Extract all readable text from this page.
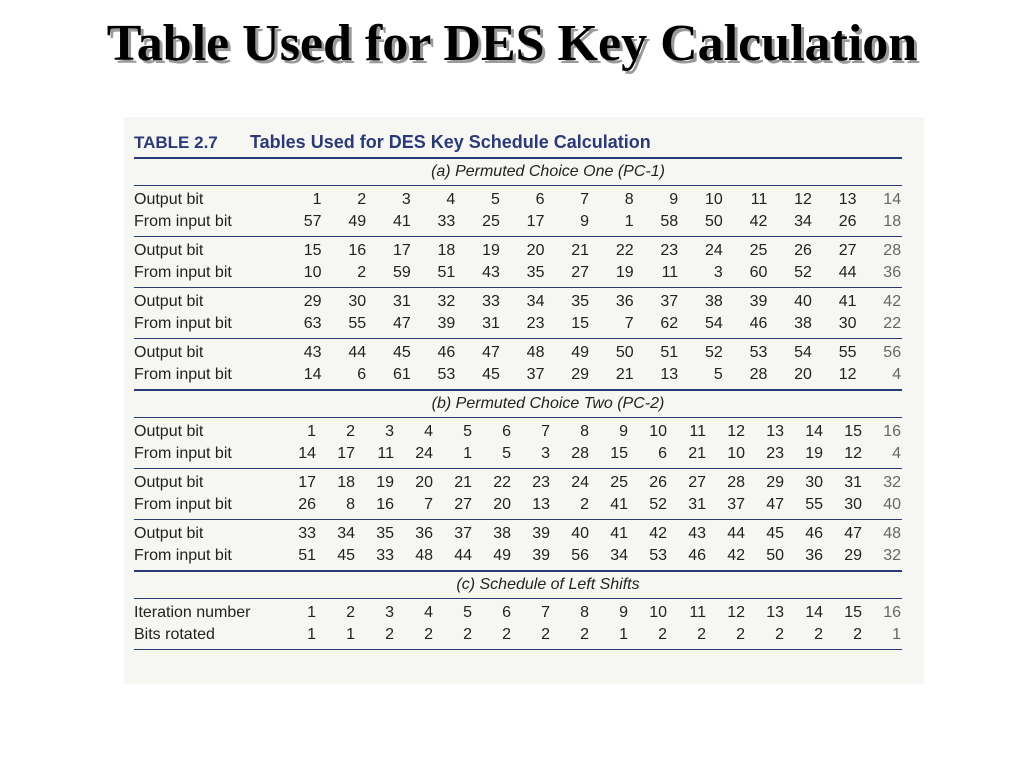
Table Used for DES Key Calculation
TABLE 2.7	Tables Used for DES Key Schedule Calculation
(a) Permuted Choice One (PC-1)
Output bit	1	2	3	4	5	6	7	8	9	10	11	12	13	14
From input bit	57	49	41	33	25	17	9	1	58	50	42	34	26	18
Output bit	15	16	17	18	19	20	21	22	23	24	25	26	27	28
From input bit	10	2	59	51	43	35	27	19	11	3	60	52	44	36
Output bit	29	30	31	32	33	34	35	36	37	38	39	40	41	42
From input bit	63	55	47	39	31	23	15	7	62	54	46	38	30	22
Output bit	43	44	45	46	47	48	49	50	51	52	53	54	55	56
From input bit	14	6	61	53	45	37	29	21	13	5	28	20	12	4
(b) Permuted Choice Two (PC-2)
Output bit	1	2	3	4	5	6	7	8	9	10	11	12	13	14	15	16
From input bit	14	17	11	24	1	5	3	28	15	6	21	10	23	19	12	4
Output bit	17	18	19	20	21	22	23	24	25	26	27	28	29	30	31	32
From input bit	26	8	16	7	27	20	13	2	41	52	31	37	47	55	30	40
Output bit	33	34	35	36	37	38	39	40	41	42	43	44	45	46	47	48
From input bit	51	45	33	48	44	49	39	56	34	53	46	42	50	36	29	32
(c) Schedule of Left Shifts
Iteration number	1	2	3	4	5	6	7	8	9	10	11	12	13	14	15	16
Bits rotated	1	1	2	2	2	2	2	2	1	2	2	2	2	2	2	1
